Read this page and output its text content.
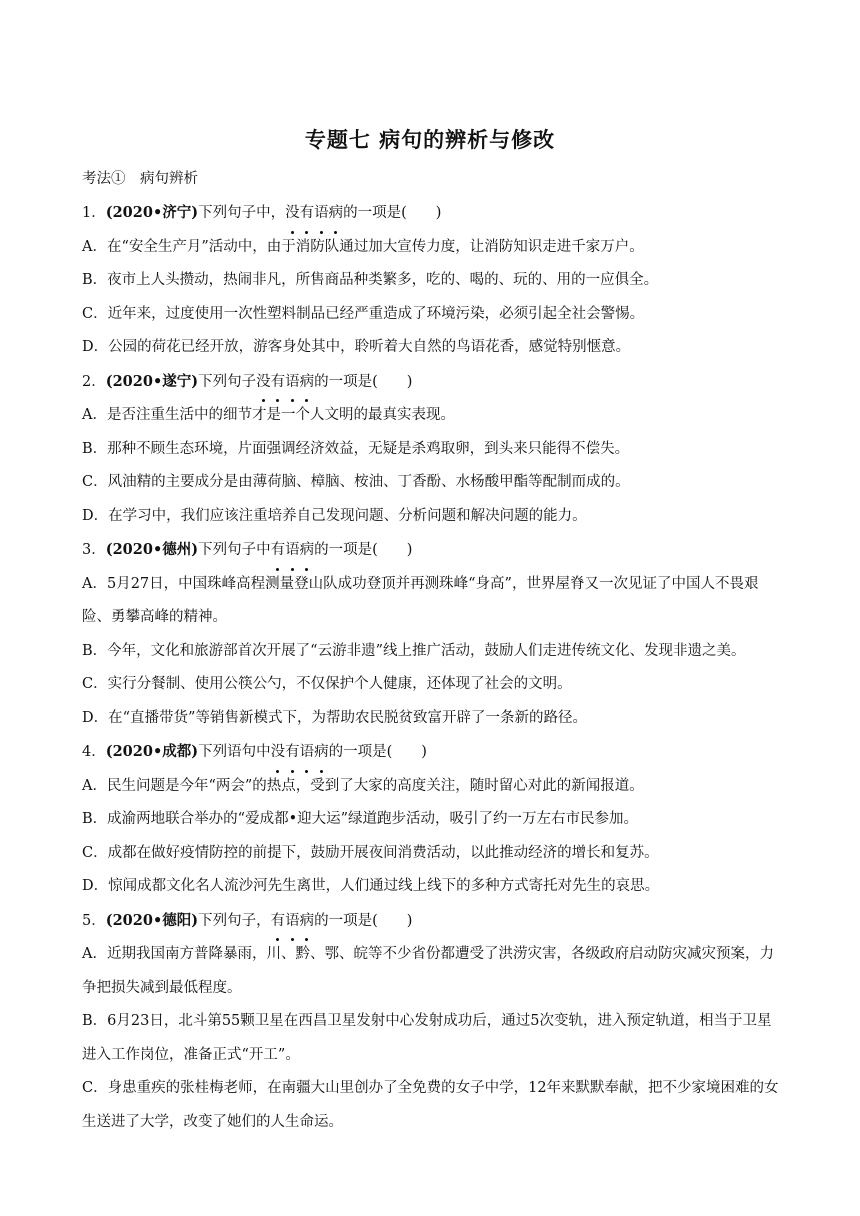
专题七 病句的辨析与修改
考法①　病句辨析
1．(2020•济宁)下列句子中，没有语病的一项是(　　)
A．在“安全生产月”活动中，由于消防队通过加大宣传力度，让消防知识走进千家万户。
B．夜市上人头攒动，热闹非凡，所售商品种类繁多，吃的、喝的、玩的、用的一应俱全。
C．近年来，过度使用一次性塑料制品已经严重造成了环境污染，必须引起全社会警惕。
D．公园的荷花已经开放，游客身处其中，聆听着大自然的鸟语花香，感觉特别惬意。
2．(2020•遂宁)下列句子没有语病的一项是(　　)
A．是否注重生活中的细节才是一个人文明的最真实表现。
B．那种不顾生态环境，片面强调经济效益，无疑是杀鸡取卵，到头来只能得不偿失。
C．风油精的主要成分是由薄荷脑、樟脑、桉油、丁香酚、水杨酸甲酯等配制而成的。
D．在学习中，我们应该注重培养自己发现问题、分析问题和解决问题的能力。
3．(2020•德州)下列句子中有语病的一项是(　　)
A．5月27日，中国珠峰高程测量登山队成功登顶并再测珠峰“身高”，世界屋脊又一次见证了中国人不畏艰险、勇攀高峰的精神。
B．今年，文化和旅游部首次开展了“云游非遗”线上推广活动，鼓励人们走进传统文化、发现非遗之美。
C．实行分餐制、使用公筷公勺，不仅保护个人健康，还体现了社会的文明。
D．在“直播带货”等销售新模式下，为帮助农民脱贫致富开辟了一条新的路径。
4．(2020•成都)下列语句中没有语病的一项是(　　)
A．民生问题是今年“两会”的热点，受到了大家的高度关注，随时留心对此的新闻报道。
B．成渝两地联合举办的“爱成都•迎大运”绿道跑步活动，吸引了约一万左右市民参加。
C．成都在做好疫情防控的前提下，鼓励开展夜间消费活动，以此推动经济的增长和复苏。
D．惊闻成都文化名人流沙河先生离世，人们通过线上线下的多种方式寄托对先生的哀思。
5．(2020•德阳)下列句子，有语病的一项是(　　)
A．近期我国南方普降暴雨，川、黔、鄂、皖等不少省份都遭受了洪涝灾害，各级政府启动防灾减灾预案，力争把损失减到最低程度。
B．6月23日，北斗第55颗卫星在西昌卫星发射中心发射成功后，通过5次变轨，进入预定轨道，相当于卫星进入工作岗位，准备正式“开工”。
C．身患重疾的张桂梅老师，在南疆大山里创办了全免费的女子中学，12年来默默奉献，把不少家境困难的女生送进了大学，改变了她们的人生命运。
